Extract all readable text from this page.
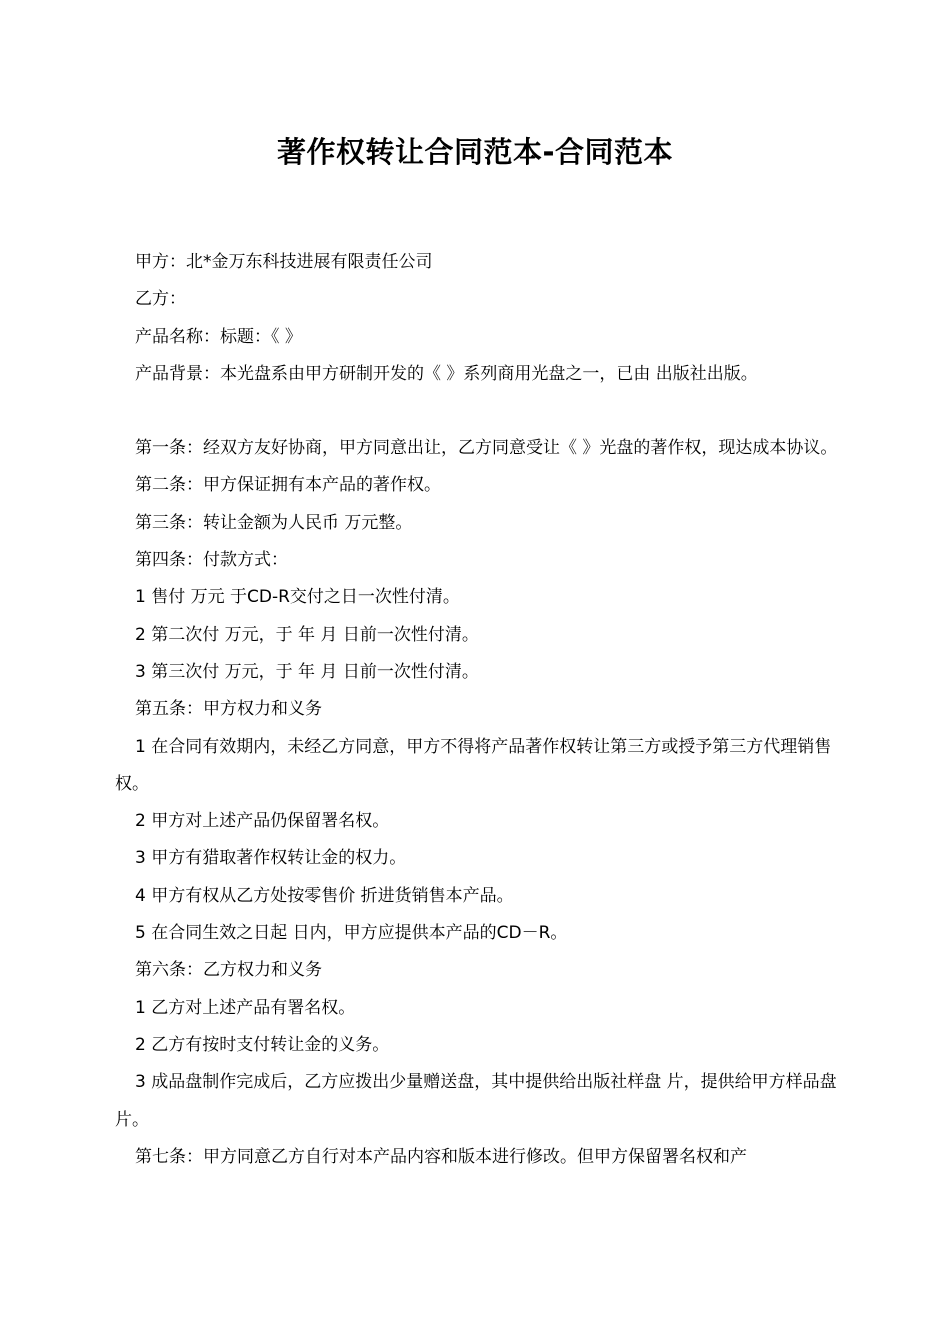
著作权转让合同范本-合同范本

甲方：北*金万东科技进展有限责任公司

乙方：

产品名称：标题：《 》

产品背景：本光盘系由甲方研制开发的《 》系列商用光盘之一，已由 出版社出版。

第一条：经双方友好协商，甲方同意出让，乙方同意受让《 》光盘的著作权，现达成本协议。

第二条：甲方保证拥有本产品的著作权。

第三条：转让金额为人民币 万元整。

第四条：付款方式：

1 售付 万元 于CD-R交付之日一次性付清。

2 第二次付 万元，于 年 月 日前一次性付清。

3 第三次付 万元，于 年 月 日前一次性付清。

第五条：甲方权力和义务

1 在合同有效期内，未经乙方同意，甲方不得将产品著作权转让第三方或授予第三方代理销售权。

2 甲方对上述产品仍保留署名权。

3 甲方有猎取著作权转让金的权力。

4 甲方有权从乙方处按零售价 折进货销售本产品。

5 在合同生效之日起 日内，甲方应提供本产品的CD－R。

第六条：乙方权力和义务

1 乙方对上述产品有署名权。

2 乙方有按时支付转让金的义务。

3 成品盘制作完成后，乙方应拨出少量赠送盘，其中提供给出版社样盘 片，提供给甲方样品盘 片。

第七条：甲方同意乙方自行对本产品内容和版本进行修改。但甲方保留署名权和产
